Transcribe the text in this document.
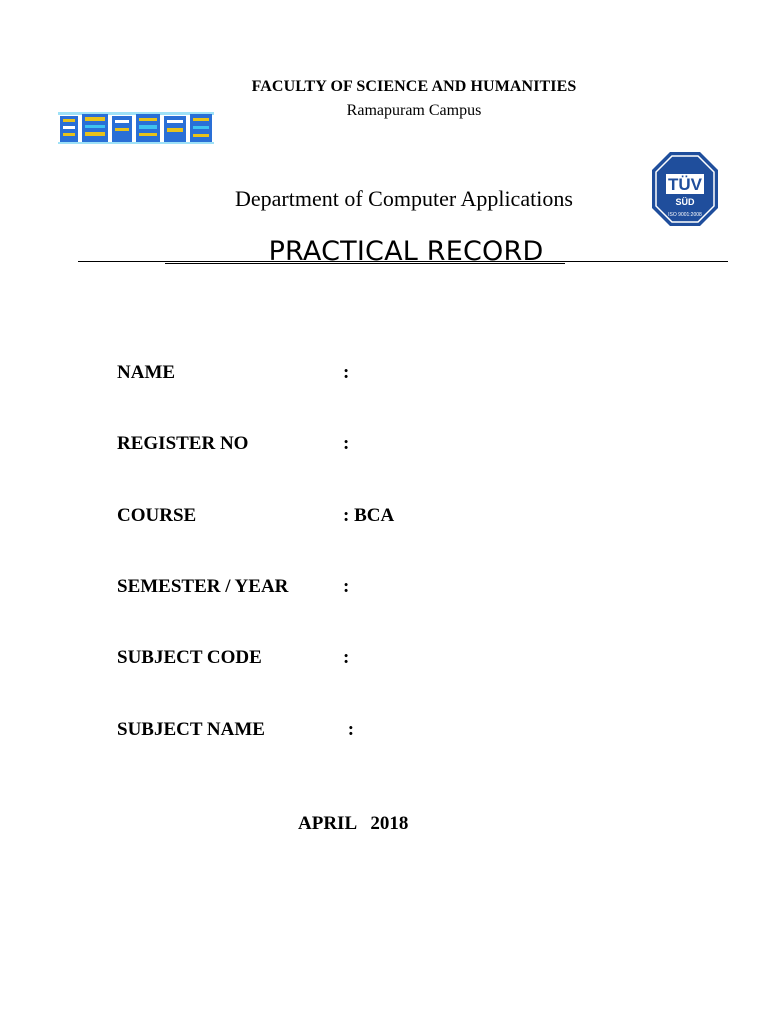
FACULTY OF SCIENCE AND HUMANITIES
Ramapuram Campus
Department of Computer Applications
TÜV
SÜD
ISO 9001:2008
PRACTICAL RECORD
NAME	:
REGISTER NO	:
COURSE	: BCA
SEMESTER / YEAR	:
SUBJECT CODE	:
SUBJECT NAME	:
APRIL   2018
